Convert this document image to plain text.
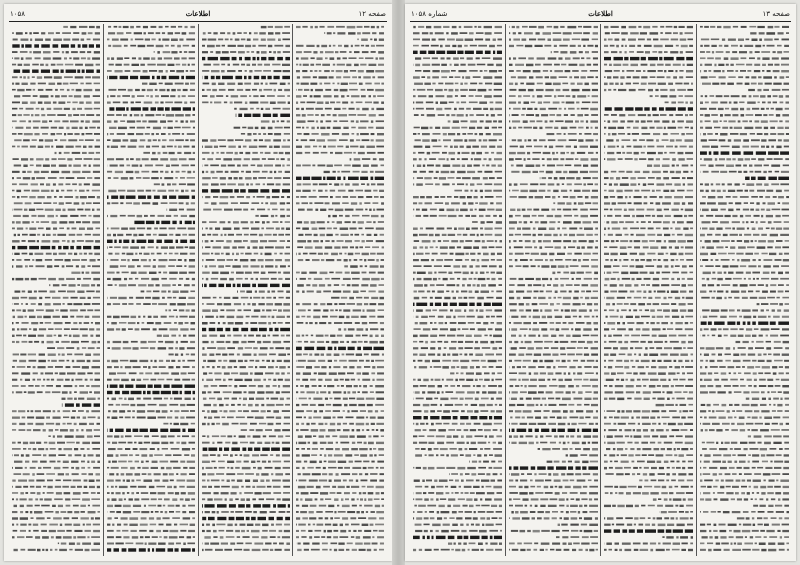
صفحه ۱۲
اطلاعات
۱۰۵۸	صفحه ۱۳
اطلاعات
شماره ۱۰۵۸
